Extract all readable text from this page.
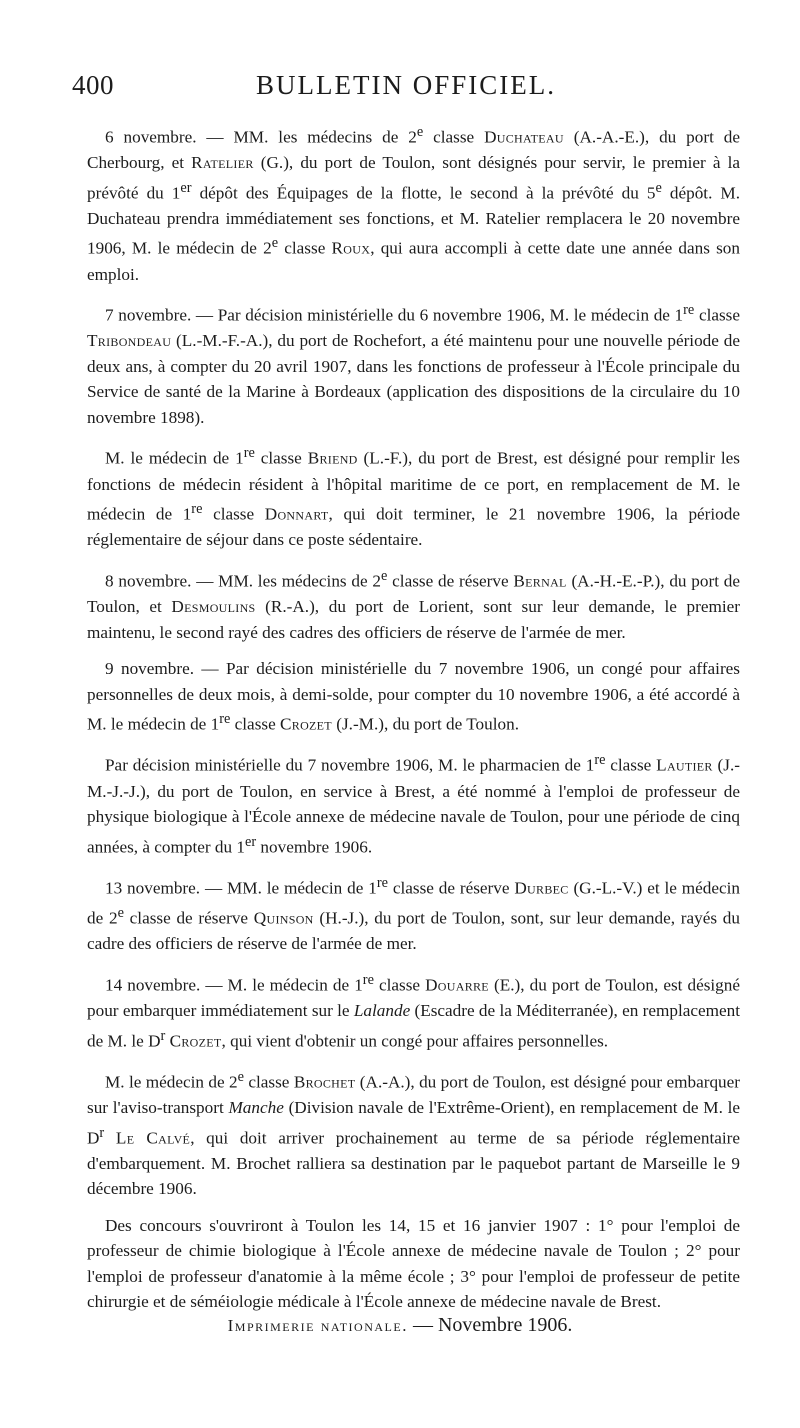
400	BULLETIN OFFICIEL.

6 novembre. — MM. les médecins de 2e classe Duchateau (A.-A.-E.), du port de Cherbourg, et Ratelier (G.), du port de Toulon, sont désignés pour servir, le premier à la prévôté du 1er dépôt des Équipages de la flotte, le second à la prévôté du 5e dépôt. M. Duchateau prendra immédiatement ses fonctions, et M. Ratelier remplacera le 20 novembre 1906, M. le médecin de 2e classe Roux, qui aura accompli à cette date une année dans son emploi.

7 novembre. — Par décision ministérielle du 6 novembre 1906, M. le médecin de 1re classe Tribondeau (L.-M.-F.-A.), du port de Rochefort, a été maintenu pour une nouvelle période de deux ans, à compter du 20 avril 1907, dans les fonctions de professeur à l'École principale du Service de santé de la Marine à Bordeaux (application des dispositions de la circulaire du 10 novembre 1898).

M. le médecin de 1re classe Briend (L.-F.), du port de Brest, est désigné pour remplir les fonctions de médecin résident à l'hôpital maritime de ce port, en remplacement de M. le médecin de 1re classe Donnart, qui doit terminer, le 21 novembre 1906, la période réglementaire de séjour dans ce poste sédentaire.

8 novembre. — MM. les médecins de 2e classe de réserve Bernal (A.-H.-E.-P.), du port de Toulon, et Desmoulins (R.-A.), du port de Lorient, sont sur leur demande, le premier maintenu, le second rayé des cadres des officiers de réserve de l'armée de mer.

9 novembre. — Par décision ministérielle du 7 novembre 1906, un congé pour affaires personnelles de deux mois, à demi-solde, pour compter du 10 novembre 1906, a été accordé à M. le médecin de 1re classe Crozet (J.-M.), du port de Toulon.

Par décision ministérielle du 7 novembre 1906, M. le pharmacien de 1re classe Lautier (J.-M.-J.-J.), du port de Toulon, en service à Brest, a été nommé à l'emploi de professeur de physique biologique à l'École annexe de médecine navale de Toulon, pour une période de cinq années, à compter du 1er novembre 1906.

13 novembre. — MM. le médecin de 1re classe de réserve Durbec (G.-L.-V.) et le médecin de 2e classe de réserve Quinson (H.-J.), du port de Toulon, sont, sur leur demande, rayés du cadre des officiers de réserve de l'armée de mer.

14 novembre. — M. le médecin de 1re classe Douarre (E.), du port de Toulon, est désigné pour embarquer immédiatement sur le Lalande (Escadre de la Méditerranée), en remplacement de M. le $D^r$ Crozet, qui vient d'obtenir un congé pour affaires personnelles.

M. le médecin de 2e classe Brochet (A.-A.), du port de Toulon, est désigné pour embarquer sur l'aviso-transport Manche (Division navale de l'Extrême-Orient), en remplacement de M. le $D^r$ Le Calvé, qui doit arriver prochainement au terme de sa période réglementaire d'embarquement. M. Brochet ralliera sa destination par le paquebot partant de Marseille le 9 décembre 1906.

Des concours s'ouvriront à Toulon les 14, 15 et 16 janvier 1907 : 1° pour l'emploi de professeur de chimie biologique à l'École annexe de médecine navale de Toulon ; 2° pour l'emploi de professeur d'anatomie à la même école ; 3° pour l'emploi de professeur de petite chirurgie et de séméiologie médicale à l'École annexe de médecine navale de Brest.

Imprimerie nationale. — Novembre 1906.
